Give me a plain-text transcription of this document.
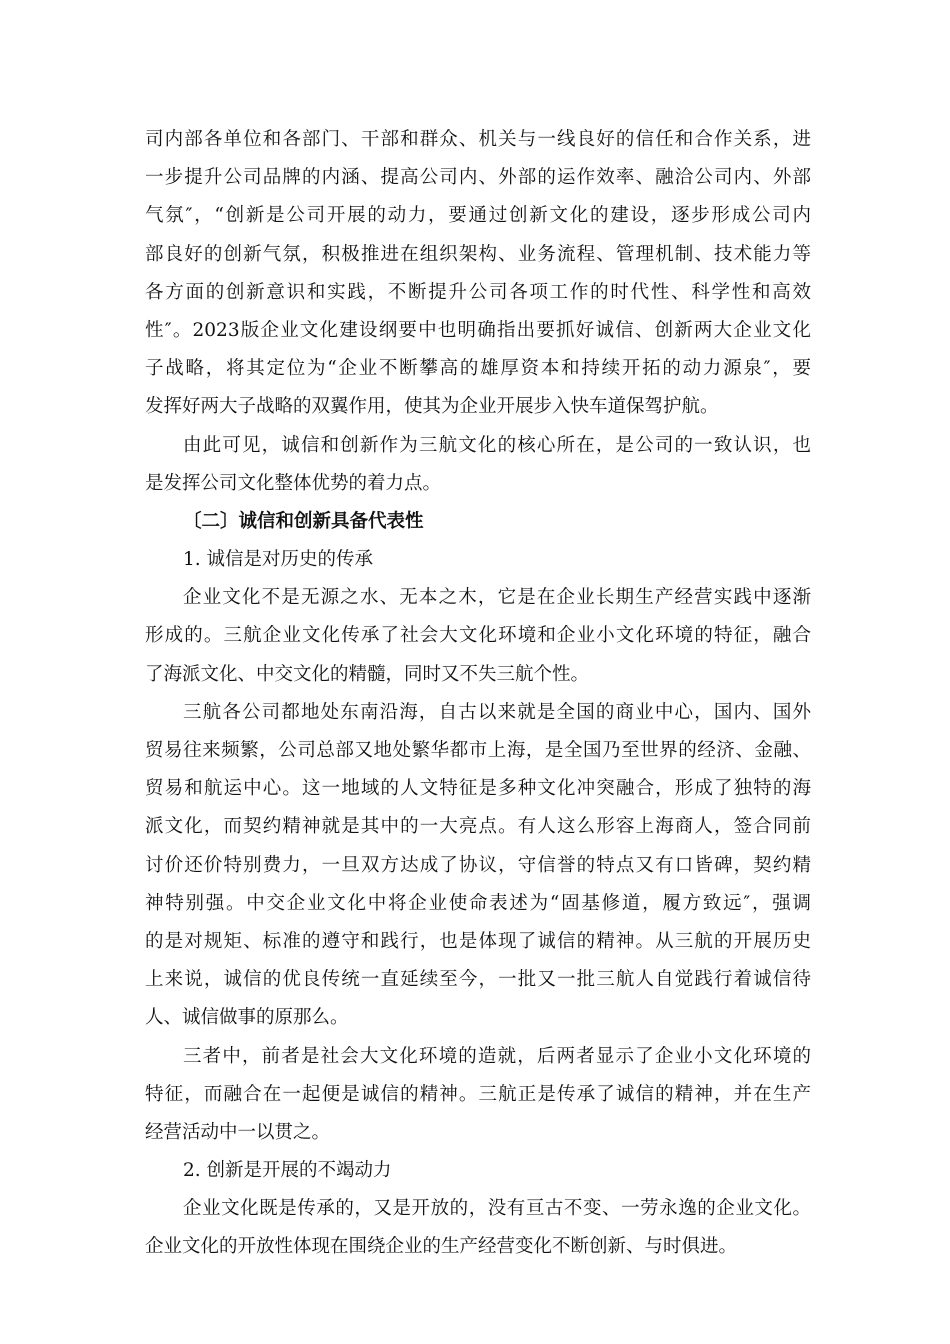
司内部各单位和各部门、干部和群众、机关与一线良好的信任和合作关系，进
一步提升公司品牌的内涵、提高公司内、外部的运作效率、融洽公司内、外部
气氛″，“创新是公司开展的动力，要通过创新文化的建设，逐步形成公司内
部良好的创新气氛，积极推进在组织架构、业务流程、管理机制、技术能力等
各方面的创新意识和实践，不断提升公司各项工作的时代性、科学性和高效
性″。2023版企业文化建设纲要中也明确指出要抓好诚信、创新两大企业文化
子战略，将其定位为“企业不断攀高的雄厚资本和持续开拓的动力源泉″，要
发挥好两大子战略的双翼作用，使其为企业开展步入快车道保驾护航。
由此可见，诚信和创新作为三航文化的核心所在，是公司的一致认识，也
是发挥公司文化整体优势的着力点。
〔二〕诚信和创新具备代表性
1. 诚信是对历史的传承
企业文化不是无源之水、无本之木，它是在企业长期生产经营实践中逐渐
形成的。三航企业文化传承了社会大文化环境和企业小文化环境的特征，融合
了海派文化、中交文化的精髓，同时又不失三航个性。
三航各公司都地处东南沿海，自古以来就是全国的商业中心，国内、国外
贸易往来频繁，公司总部又地处繁华都市上海，是全国乃至世界的经济、金融、
贸易和航运中心。这一地域的人文特征是多种文化冲突融合，形成了独特的海
派文化，而契约精神就是其中的一大亮点。有人这么形容上海商人，签合同前
讨价还价特别费力，一旦双方达成了协议，守信誉的特点又有口皆碑，契约精
神特别强。中交企业文化中将企业使命表述为“固基修道，履方致远″，强调
的是对规矩、标准的遵守和践行，也是体现了诚信的精神。从三航的开展历史
上来说，诚信的优良传统一直延续至今，一批又一批三航人自觉践行着诚信待
人、诚信做事的原那么。
三者中，前者是社会大文化环境的造就，后两者显示了企业小文化环境的
特征，而融合在一起便是诚信的精神。三航正是传承了诚信的精神，并在生产
经营活动中一以贯之。
2. 创新是开展的不竭动力
企业文化既是传承的，又是开放的，没有亘古不变、一劳永逸的企业文化。
企业文化的开放性体现在围绕企业的生产经营变化不断创新、与时俱进。
